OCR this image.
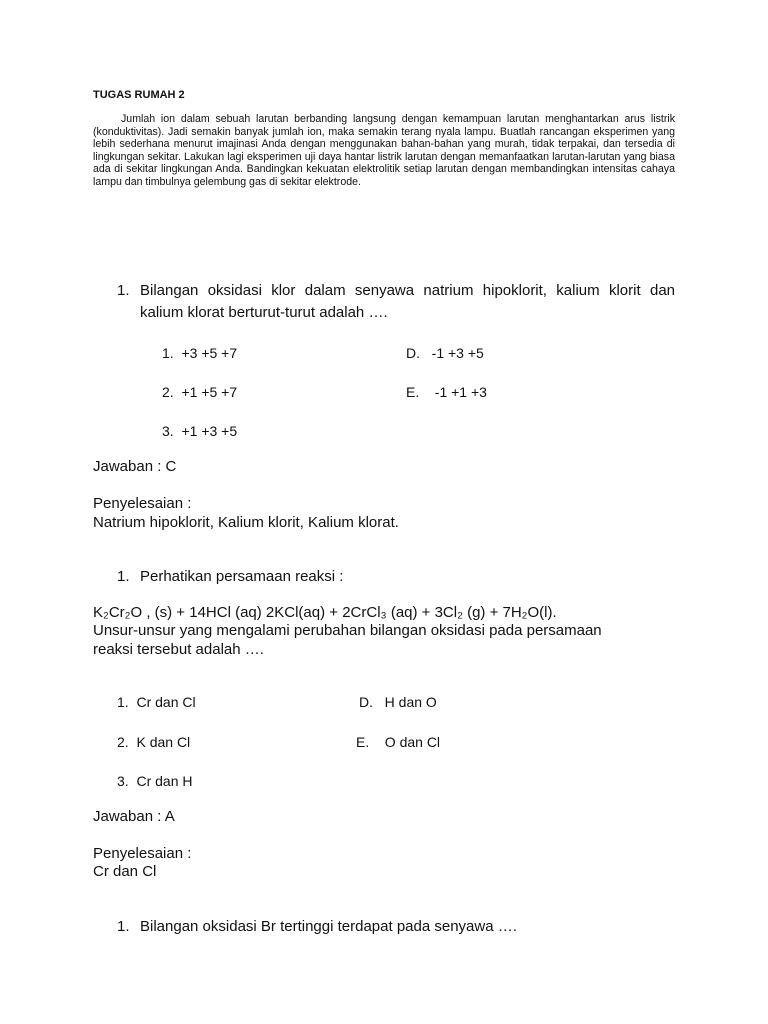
TUGAS RUMAH 2
Jumlah ion dalam sebuah larutan berbanding langsung dengan kemampuan larutan menghantarkan arus listrik (konduktivitas). Jadi semakin banyak jumlah ion, maka semakin terang nyala lampu. Buatlah rancangan eksperimen yang lebih sederhana menurut imajinasi Anda dengan menggunakan bahan-bahan yang murah, tidak terpakai, dan tersedia di lingkungan sekitar. Lakukan lagi eksperimen uji daya hantar listrik larutan dengan memanfaatkan larutan-larutan yang biasa ada di sekitar lingkungan Anda. Bandingkan kekuatan elektrolitik setiap larutan dengan membandingkan intensitas cahaya lampu dan timbulnya gelembung gas di sekitar elektrode.
1. Bilangan oksidasi klor dalam senyawa natrium hipoklorit, kalium klorit dan kalium klorat berturut-turut adalah ….
1. +3 +5 +7
2. +1 +5 +7
3. +1 +3 +5
D. -1 +3 +5
E. -1 +1 +3
Jawaban : C
Penyelesaian :
Natrium hipoklorit, Kalium klorit, Kalium klorat.
1. Perhatikan persamaan reaksi :
K₂Cr₂O , (s) + 14HCl (aq) 2KCl(aq) + 2CrCl₃ (aq) + 3Cl₂ (g) + 7H₂O(l).
Unsur-unsur yang mengalami perubahan bilangan oksidasi pada persamaan
reaksi tersebut adalah ….
1. Cr dan Cl
2. K dan Cl
3. Cr dan H
D. H dan O
E. O dan Cl
Jawaban : A
Penyelesaian :
Cr dan Cl
1. Bilangan oksidasi Br tertinggi terdapat pada senyawa ….
